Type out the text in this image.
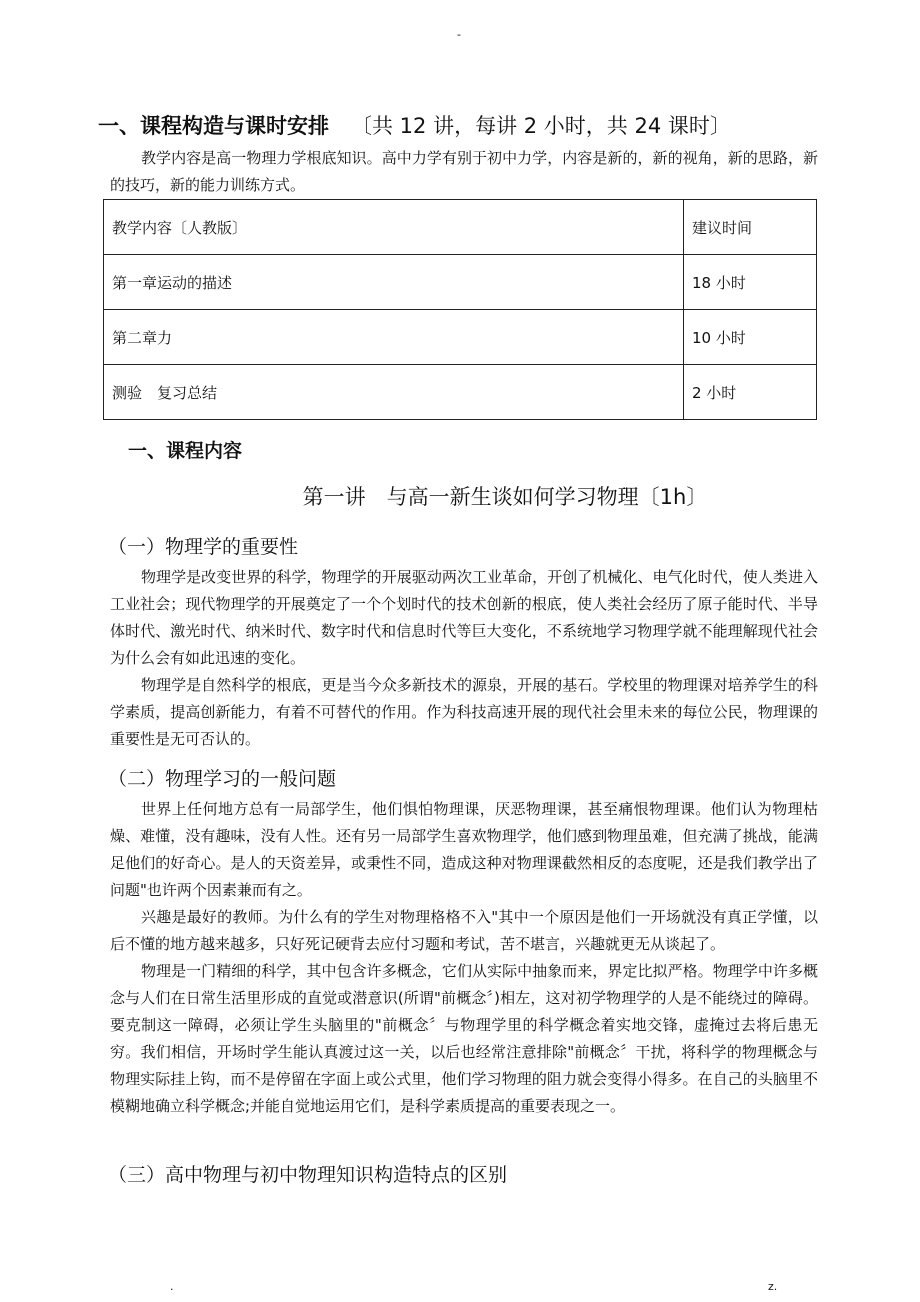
-
一、课程构造与课时安排 〔共 12 讲，每讲 2 小时，共 24 课时〕
教学内容是高一物理力学根底知识。高中力学有别于初中力学，内容是新的，新的视角，新的思路，新的技巧，新的能力训练方式。
教学内容〔人教版〕	建议时间
第一章运动的描述	18 小时
第二章力	10 小时
测验　复习总结	2 小时
一、课程内容
第一讲　与高一新生谈如何学习物理〔1h〕
（一）物理学的重要性
物理学是改变世界的科学，物理学的开展驱动两次工业革命，开创了机械化、电气化时代，使人类进入工业社会；现代物理学的开展奠定了一个个划时代的技术创新的根底，使人类社会经历了原子能时代、半导体时代、激光时代、纳米时代、数字时代和信息时代等巨大变化，不系统地学习物理学就不能理解现代社会为什么会有如此迅速的变化。
物理学是自然科学的根底，更是当今众多新技术的源泉，开展的基石。学校里的物理课对培养学生的科学素质，提高创新能力，有着不可替代的作用。作为科技高速开展的现代社会里未来的每位公民，物理课的重要性是无可否认的。
（二）物理学习的一般问题
世界上任何地方总有一局部学生，他们惧怕物理课，厌恶物理课，甚至痛恨物理课。他们认为物理枯燥、难懂，没有趣味，没有人性。还有另一局部学生喜欢物理学，他们感到物理虽难，但充满了挑战，能满足他们的好奇心。是人的天资差异，或秉性不同，造成这种对物理课截然相反的态度呢，还是我们教学出了问题"也许两个因素兼而有之。
兴趣是最好的教师。为什么有的学生对物理格格不入"其中一个原因是他们一开场就没有真正学懂，以后不懂的地方越来越多，只好死记硬背去应付习题和考试，苦不堪言，兴趣就更无从谈起了。
物理是一门精细的科学，其中包含许多概念，它们从实际中抽象而来，界定比拟严格。物理学中许多概念与人们在日常生活里形成的直觉或潜意识(所谓"前概念〞)相左，这对初学物理学的人是不能绕过的障碍。要克制这一障碍，必须让学生头脑里的"前概念〞与物理学里的科学概念着实地交锋，虚掩过去将后患无穷。我们相信，开场时学生能认真渡过这一关，以后也经常注意排除"前概念〞干扰，将科学的物理概念与物理实际挂上钩，而不是停留在字面上或公式里，他们学习物理的阻力就会变得小得多。在自己的头脑里不模糊地确立科学概念;并能自觉地运用它们，是科学素质提高的重要表现之一。
（三）高中物理与初中物理知识构造特点的区别
.	z.
